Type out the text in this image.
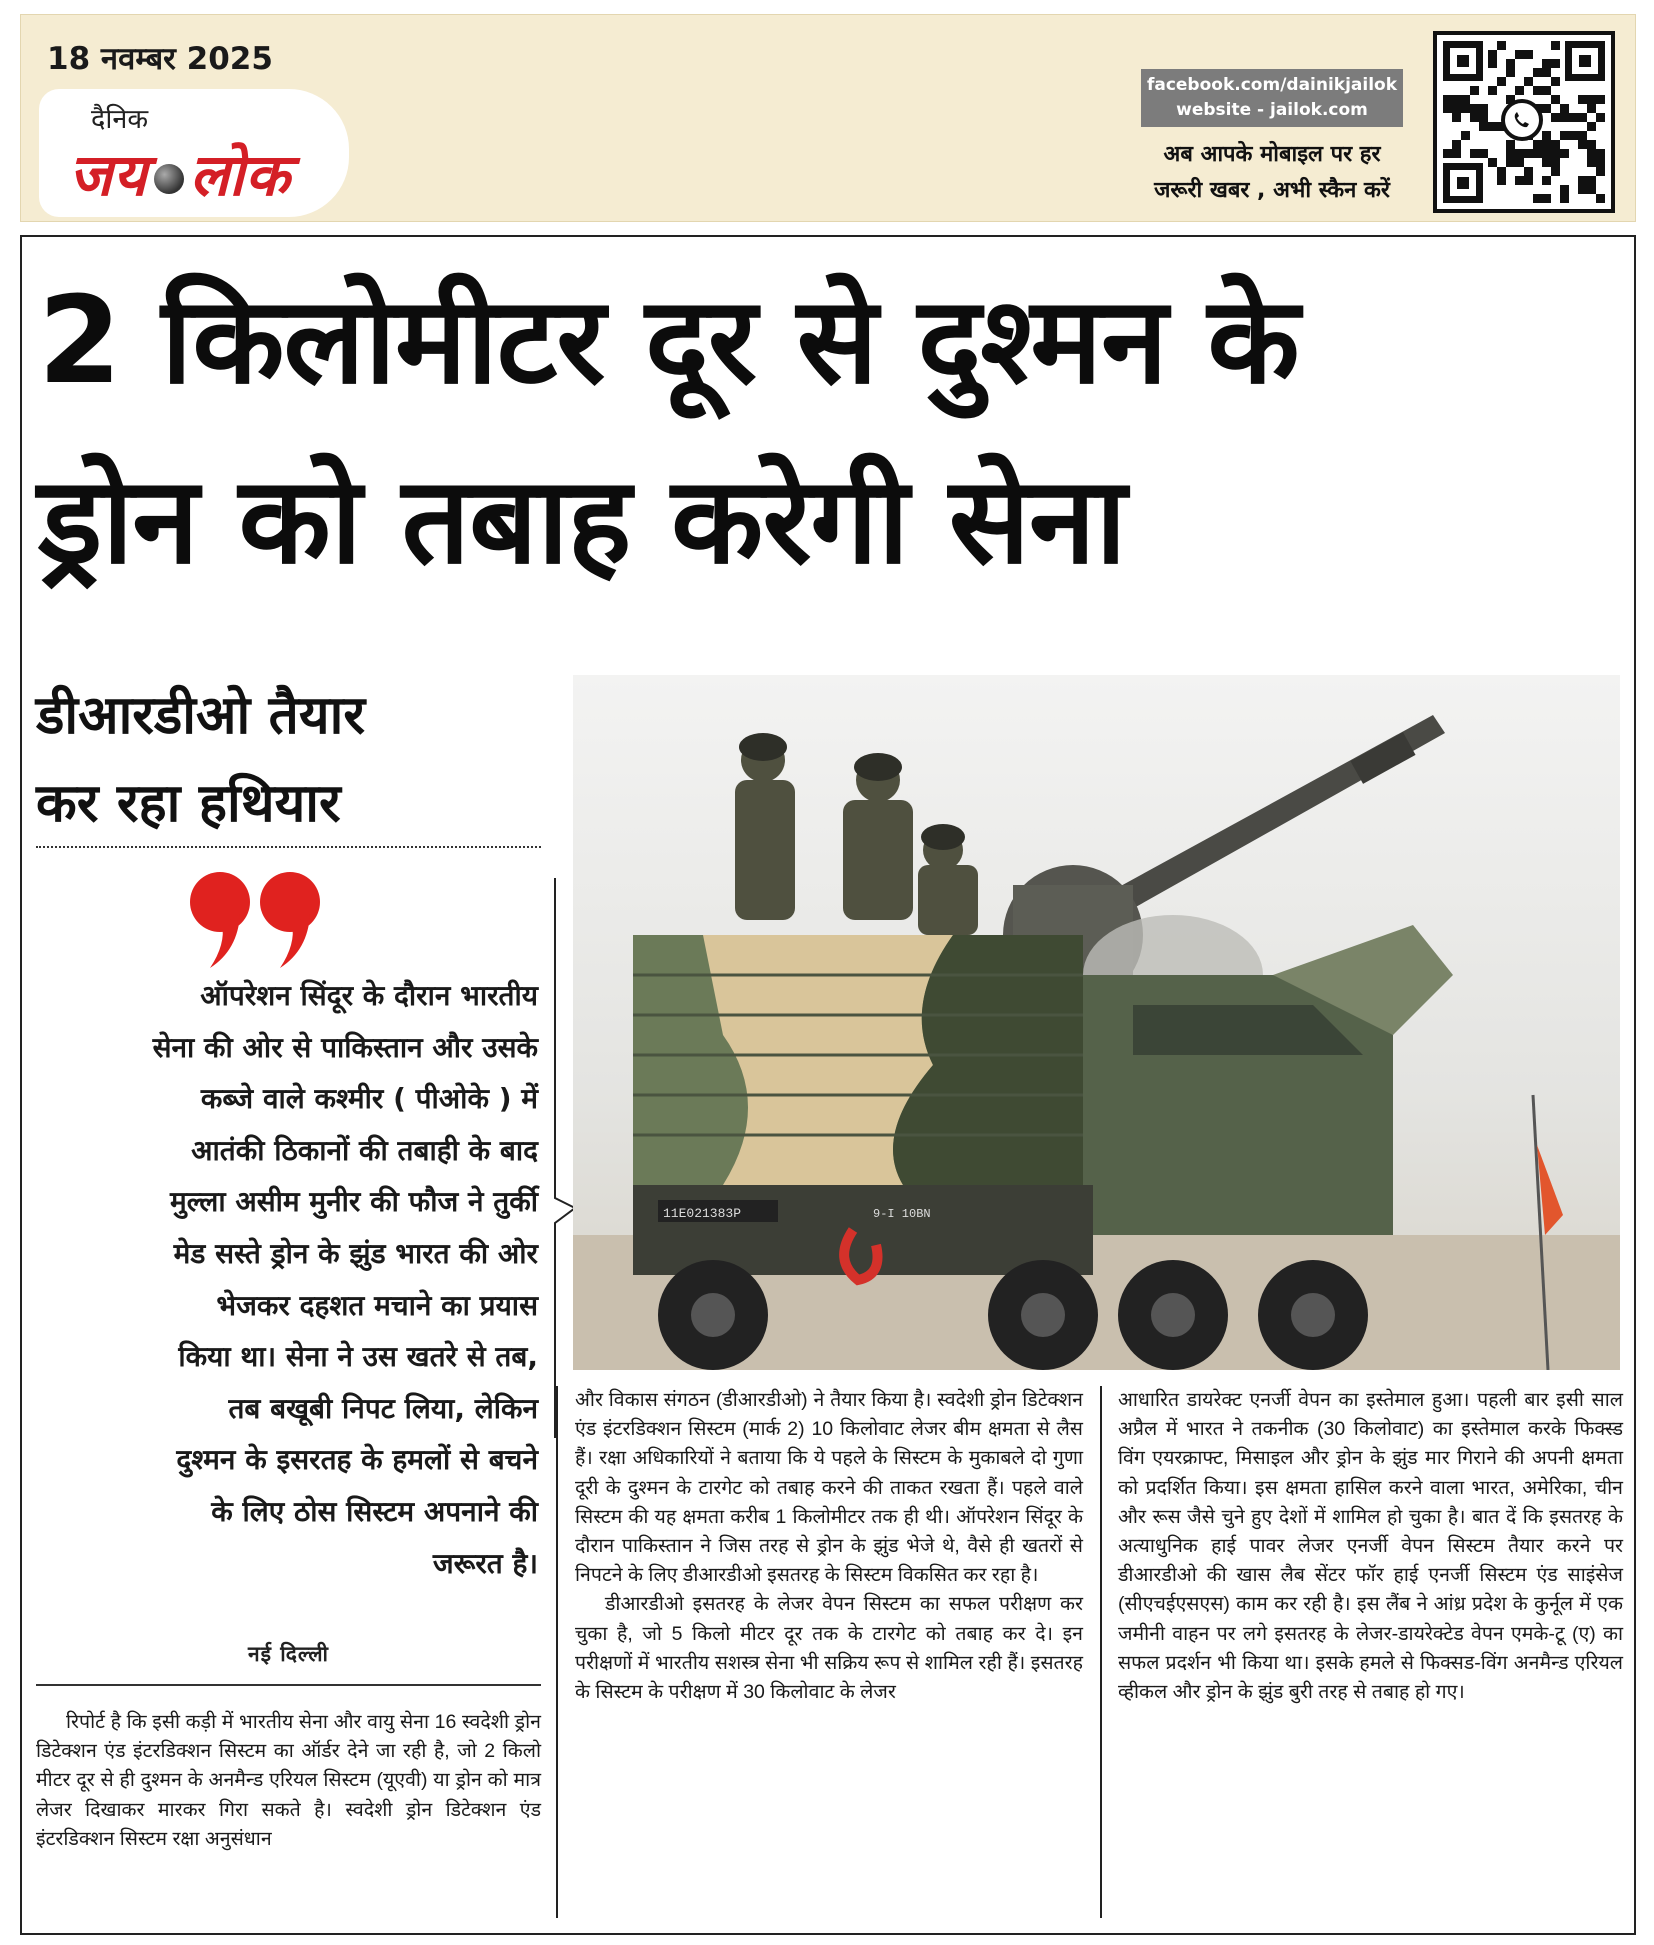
18 नवम्बर 2025
दैनिक
जय लोक
facebook.com/dainikjailok
website - jailok.com
अब आपके मोबाइल पर हर
जरूरी खबर , अभी स्कैन करें
2 किलोमीटर दूर से दुश्मन के
ड्रोन को तबाह करेगी सेना
डीआरडीओ तैयार
कर रहा हथियार
ऑपरेशन सिंदूर के दौरान भारतीय
सेना की ओर से पाकिस्तान और उसके
कब्जे वाले कश्मीर ( पीओके ) में
आतंकी ठिकानों की तबाही के बाद
मुल्ला असीम मुनीर की फौज ने तुर्की
मेड सस्ते ड्रोन के झुंड भारत की ओर
भेजकर दहशत मचाने का प्रयास
किया था। सेना ने उस खतरे से तब,
तब बखूबी निपट लिया, लेकिन
दुश्मन के इसरतह के हमलों से बचने
के लिए ठोस सिस्टम अपनाने की
जरूरत है।
नई दिल्ली
11E021383P	9-I 10BN

रिपोर्ट है कि इसी कड़ी में भारतीय सेना और वायु सेना 16 स्वदेशी ड्रोन डिटेक्शन एंड इंटरडिक्शन सिस्टम का ऑर्डर देने जा रही है, जो 2 किलो मीटर दूर से ही दुश्मन के अनमैन्ड एरियल सिस्टम (यूएवी) या ड्रोन को मात्र लेजर दिखाकर मारकर गिरा सकते है। स्वदेशी ड्रोन डिटेक्शन एंड इंटरडिक्शन सिस्टम रक्षा अनुसंधान

और विकास संगठन (डीआरडीओ) ने तैयार किया है। स्वदेशी ड्रोन डिटेक्शन एंड इंटरडिक्शन सिस्टम (मार्क 2) 10 किलोवाट लेजर बीम क्षमता से लैस हैं। रक्षा अधिकारियों ने बताया कि ये पहले के सिस्टम के मुकाबले दो गुणा दूरी के दुश्मन के टारगेट को तबाह करने की ताकत रखता हैं। पहले वाले सिस्टम की यह क्षमता करीब 1 किलोमीटर तक ही थी। ऑपरेशन सिंदूर के दौरान पाकिस्तान ने जिस तरह से ड्रोन के झुंड भेजे थे, वैसे ही खतरों से निपटने के लिए डीआरडीओ इसतरह के सिस्टम विकसित कर रहा है।

डीआरडीओ इसतरह के लेजर वेपन सिस्टम का सफल परीक्षण कर चुका है, जो 5 किलो मीटर दूर तक के टारगेट को तबाह कर दे। इन परीक्षणों में भारतीय सशस्त्र सेना भी सक्रिय रूप से शामिल रही हैं। इसतरह के सिस्टम के परीक्षण में 30 किलोवाट के लेजर

आधारित डायरेक्ट एनर्जी वेपन का इस्तेमाल हुआ। पहली बार इसी साल अप्रैल में भारत ने तकनीक (30 किलोवाट) का इस्तेमाल करके फिक्स्ड विंग एयरक्राफ्ट, मिसाइल और ड्रोन के झुंड मार गिराने की अपनी क्षमता को प्रदर्शित किया। इस क्षमता हासिल करने वाला भारत, अमेरिका, चीन और रूस जैसे चुने हुए देशों में शामिल हो चुका है। बात दें कि इसतरह के अत्याधुनिक हाई पावर लेजर एनर्जी वेपन सिस्टम तैयार करने पर डीआरडीओ की खास लैब सेंटर फॉर हाई एनर्जी सिस्टम एंड साइंसेज (सीएचईएसएस) काम कर रही है। इस लैंब ने आंध्र प्रदेश के कुर्नूल में एक जमीनी वाहन पर लगे इसतरह के लेजर-डायरेक्टेड वेपन एमके-टू (ए) का सफल प्रदर्शन भी किया था। इसके हमले से फिक्सड-विंग अनमैन्ड एरियल व्हीकल और ड्रोन के झुंड बुरी तरह से तबाह हो गए।
